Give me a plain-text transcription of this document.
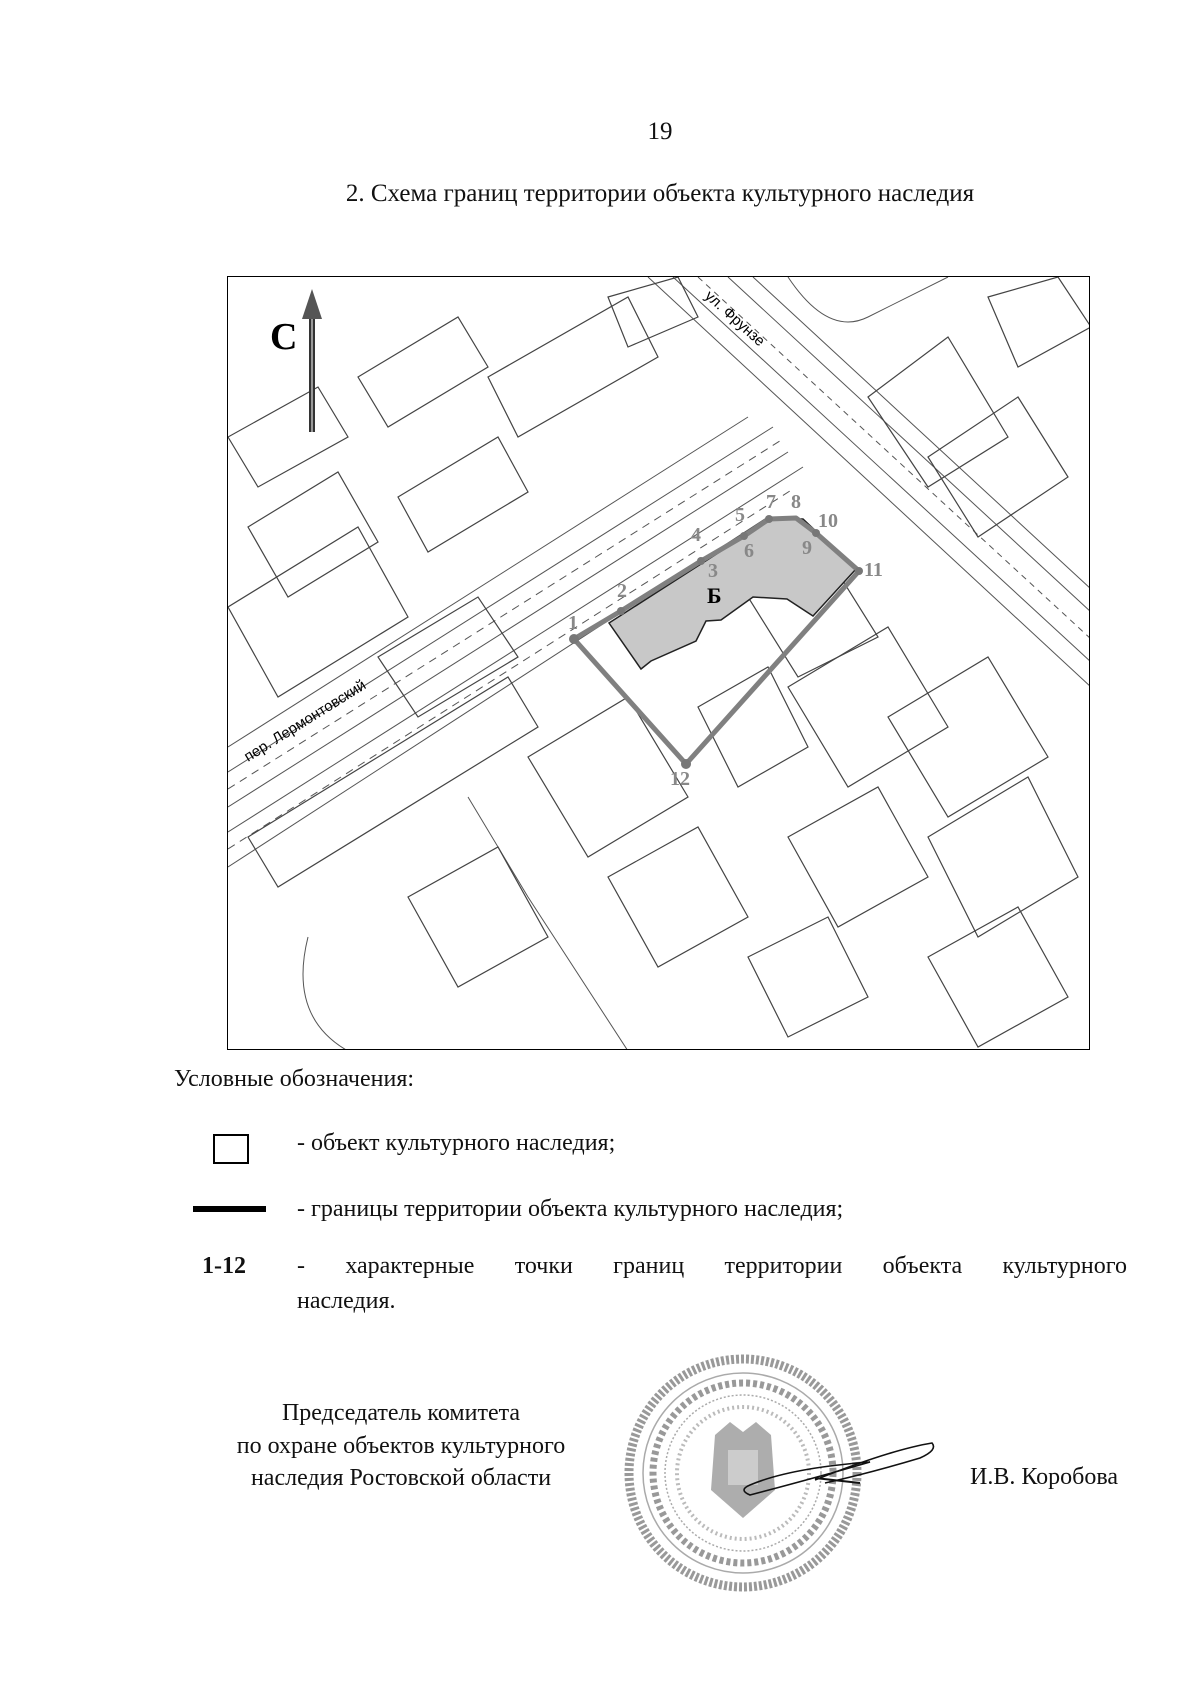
19
2. Схема границ территории объекта культурного наследия
1
2
3
4
5
6
7 8
9
10
11
12
Б
ул. Фрунзе
пер. Лермонтовский
С
Условные обозначения:
- объект культурного наследия;
- границы территории объекта культурного наследия;
1-12 - характерные точки границ территории объекта культурного
наследия.
Председатель комитета
по охране объектов культурного
наследия Ростовской области	И.В. Коробова
